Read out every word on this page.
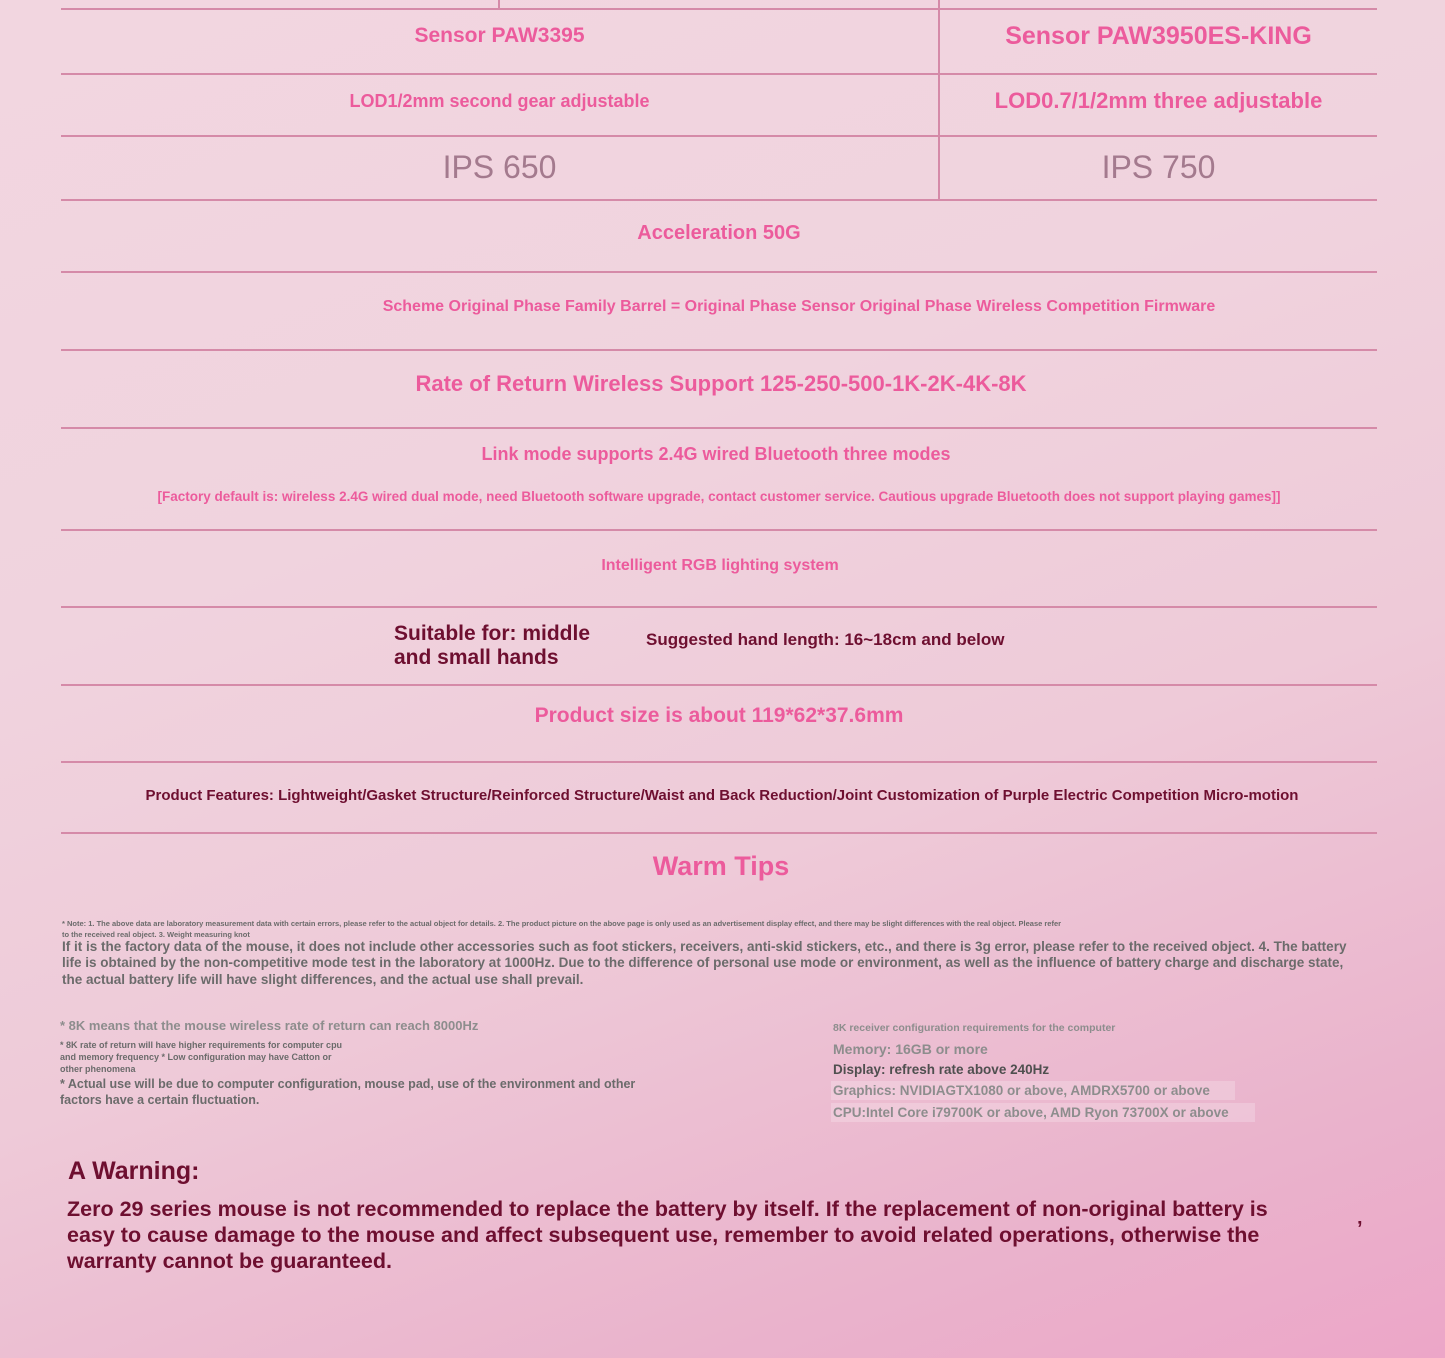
Sensor PAW3395	Sensor PAW3950ES-KING
LOD1/2mm second gear adjustable	LOD0.7/1/2mm three adjustable
IPS 650	IPS 750
Acceleration 50G
Scheme Original Phase Family Barrel = Original Phase Sensor Original Phase Wireless Competition Firmware
Rate of Return Wireless Support 125-250-500-1K-2K-4K-8K
Link mode supports 2.4G wired Bluetooth three modes
[Factory default is: wireless 2.4G wired dual mode, need Bluetooth software upgrade, contact customer service. Cautious upgrade Bluetooth does not support playing games]]
Intelligent RGB lighting system
Suitable for: middle
and small hands
Suggested hand length: 16~18cm and below
Product size is about 119*62*37.6mm
Product Features: Lightweight/Gasket Structure/Reinforced Structure/Waist and Back Reduction/Joint Customization of Purple Electric Competition Micro-motion
Warm Tips
* Note: 1. The above data are laboratory measurement data with certain errors, please refer to the actual object for details. 2. The product picture on the above page is only used as an advertisement display effect, and there may be slight differences with the real object. Please refer
to the received real object. 3. Weight measuring knot
If it is the factory data of the mouse, it does not include other accessories such as foot stickers, receivers, anti-skid stickers, etc., and there is 3g error, please refer to the received object. 4. The battery
life is obtained by the non-competitive mode test in the laboratory at 1000Hz. Due to the difference of personal use mode or environment, as well as the influence of battery charge and discharge state,
the actual battery life will have slight differences, and the actual use shall prevail.
* 8K means that the mouse wireless rate of return can reach 8000Hz
* 8K rate of return will have higher requirements for computer cpu
and memory frequency * Low configuration may have Catton or
other phenomena
* Actual use will be due to computer configuration, mouse pad, use of the environment and other
factors have a certain fluctuation.
8K receiver configuration requirements for the computer
Memory: 16GB or more
Display: refresh rate above 240Hz
Graphics: NVIDIAGTX1080 or above, AMDRX5700 or above
CPU:Intel Core i79700K or above, AMD Ryon 73700X or above
A Warning:
Zero 29 series mouse is not recommended to replace the battery by itself. If the replacement of non-original battery is
easy to cause damage to the mouse and affect subsequent use, remember to avoid related operations, otherwise the
warranty cannot be guaranteed.
’
